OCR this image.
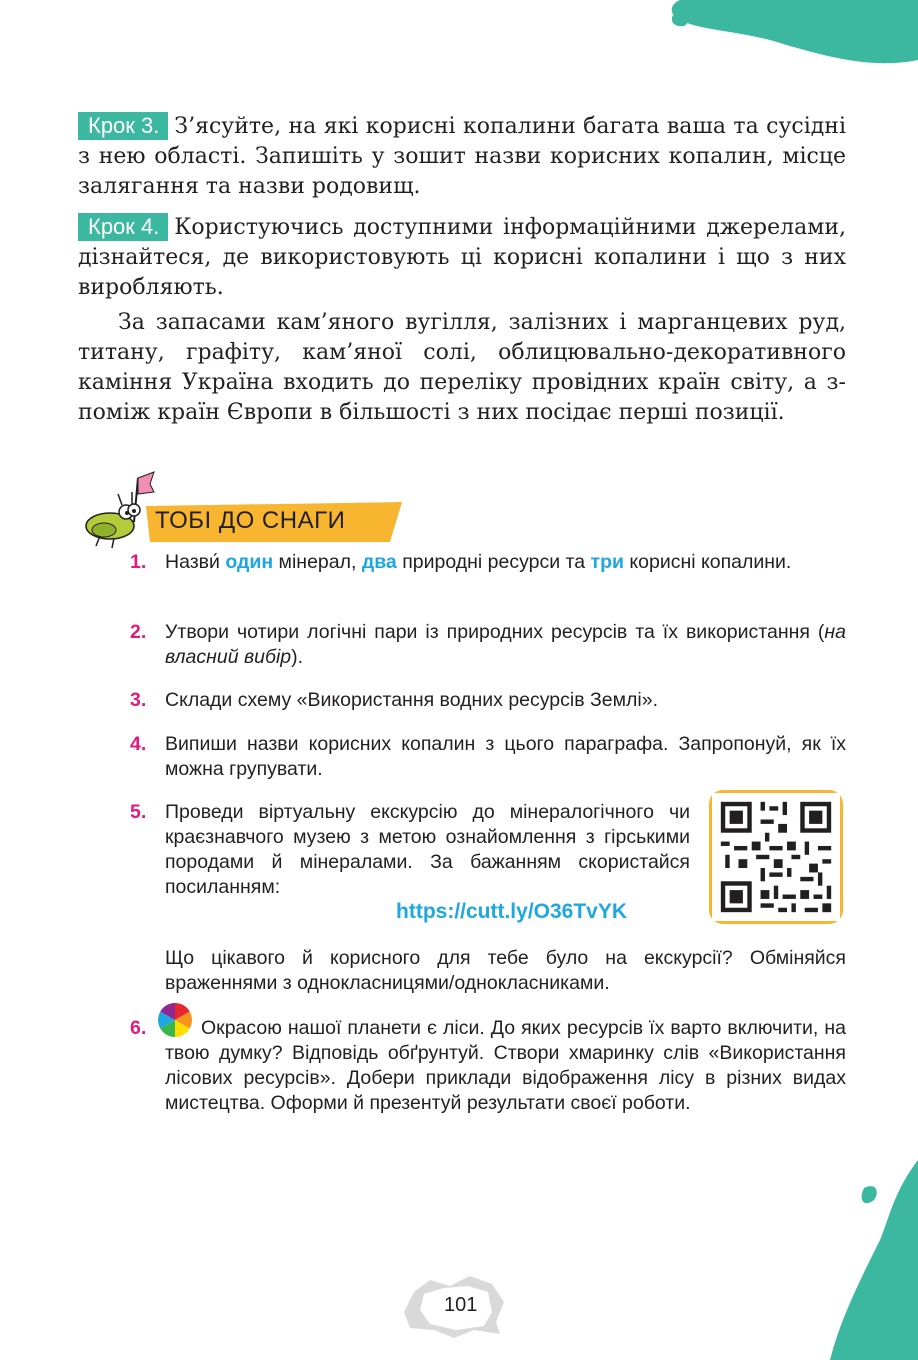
Крок 3. З’ясуйте, на які корисні копалини багата ваша та сусідні з нею області. Запишіть у зошит назви корисних копалин, місце залягання та назви родовищ.
Крок 4. Користуючись доступними інформаційними джерелами, дізнайтеся, де використовують ці корисні копалини і що з них виробляють.
За запасами кам’яного вугілля, залізних і марганцевих руд, титану, графіту, кам’яної солі, облицювально-декоративного каміння Україна входить до переліку провідних країн світу, а з-поміж країн Європи в більшості з них посідає перші позиції.
ТОБІ ДО СНАГИ
1. Назви́ один мінерал, два природні ресурси та три корисні копалини.
2. Утвори чотири логічні пари із природних ресурсів та їх використання (на власний вибір).
3. Склади схему «Використання водних ресурсів Землі».
4. Випиши назви корисних копалин з цього параграфа. Запропонуй, як їх можна групувати.
5. Проведи віртуальну екскурсію до мінералогічного чи краєзнавчого музею з метою ознайомлення з гірськими породами й мінералами. За бажанням скористайся посиланням:
https://cutt.ly/O36TvYK
Що цікавого й корисного для тебе було на екскурсії? Обміняйся враженнями з однокласницями/однокласниками.
6.	Окрасою нашої планети є ліси. До яких ресурсів їх варто включити, на твою думку? Відповідь обґрунтуй. Створи хмаринку слів «Використання лісових ресурсів». Добери приклади відображення лісу в різних видах мистецтва. Оформи й презентуй результати своєї роботи.
101
